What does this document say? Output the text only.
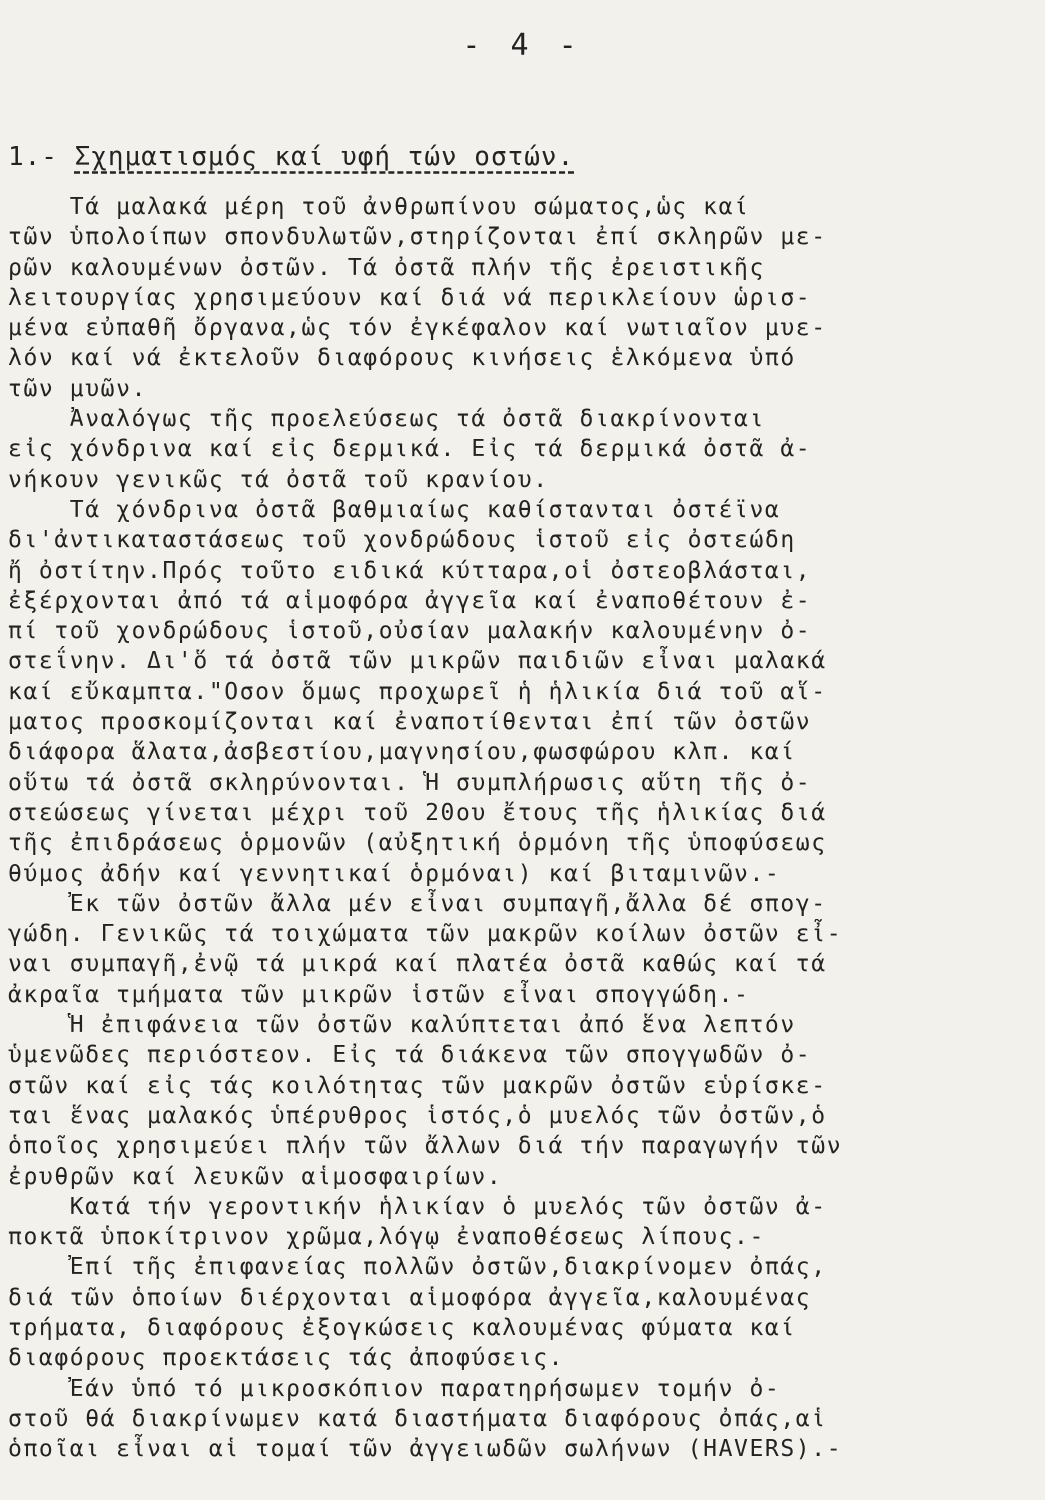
- 4 -
1.- Σχηματισμός καί υφή τών οστών.
Τά μαλακά μέρη τοῦ ἀνθρωπίνου σώματος,ὡς καί
τῶν ὑπολοίπων σπονδυλωτῶν,στηρίζονται ἐπί σκληρῶν με-
ρῶν καλουμένων ὀστῶν. Τά ὀστᾶ πλήν τῆς ἐρειστικῆς
λειτουργίας χρησιμεύουν καί διά νά περικλείουν ὡρισ-
μένα εὐπαθῆ ὄργανα,ὡς τόν ἐγκέφαλον καί νωτιαῖον μυε-
λόν καί νά ἐκτελοῦν διαφόρους κινήσεις ἑλκόμενα ὑπό
τῶν μυῶν.
Ἀναλόγως τῆς προελεύσεως τά ὀστᾶ διακρίνονται
εἰς χόνδρινα καί εἰς δερμικά. Εἰς τά δερμικά ὀστᾶ ἀ-
νήκουν γενικῶς τά ὀστᾶ τοῦ κρανίου.
Τά χόνδρινα ὀστᾶ βαθμιαίως καθίστανται ὀστέϊνα
δι'ἀντικαταστάσεως τοῦ χονδρώδους ἱστοῦ εἰς ὀστεώδη
ἤ ὀστίτην.Πρός τοῦτο ειδικά κύτταρα,οἱ ὀστεοβλάσται,
ἐξέρχονται ἀπό τά αἱμοφόρα ἀγγεῖα καί ἐναποθέτουν ἐ-
πί τοῦ χονδρώδους ἱστοῦ,οὐσίαν μαλακήν καλουμένην ὀ-
στεΐνην. Δι'ὅ τά ὀστᾶ τῶν μικρῶν παιδιῶν εἶναι μαλακά
καί εὔκαμπτα."Οσον ὅμως προχωρεῖ ἡ ἡλικία διά τοῦ αἵ-
ματος προσκομίζονται καί ἐναποτίθενται ἐπί τῶν ὀστῶν
διάφορα ἅλατα,ἀσβεστίου,μαγνησίου,φωσφώρου κλπ. καί
οὕτω τά ὀστᾶ σκληρύνονται. Ἡ συμπλήρωσις αὕτη τῆς ὀ-
στεώσεως γίνεται μέχρι τοῦ 20ου ἔτους τῆς ἡλικίας διά
τῆς ἐπιδράσεως ὁρμονῶν (αὐξητική ὁρμόνη τῆς ὑποφύσεως
θύμος ἀδήν καί γεννητικαί ὁρμόναι) καί βιταμινῶν.-
Ἐκ τῶν ὀστῶν ἄλλα μέν εἶναι συμπαγῆ,ἄλλα δέ σπογ-
γώδη. Γενικῶς τά τοιχώματα τῶν μακρῶν κοίλων ὀστῶν εἶ-
ναι συμπαγῆ,ἐνῷ τά μικρά καί πλατέα ὀστᾶ καθώς καί τά
ἀκραῖα τμήματα τῶν μικρῶν ἱστῶν εἶναι σπογγώδη.-
Ἡ ἐπιφάνεια τῶν ὀστῶν καλύπτεται ἀπό ἕνα λεπτόν
ὑμενῶδες περιόστεον. Εἰς τά διάκενα τῶν σπογγωδῶν ὀ-
στῶν καί εἰς τάς κοιλότητας τῶν μακρῶν ὀστῶν εὑρίσκε-
ται ἕνας μαλακός ὑπέρυθρος ἱστός,ὁ μυελός τῶν ὀστῶν,ὁ
ὁποῖος χρησιμεύει πλήν τῶν ἄλλων διά τήν παραγωγήν τῶν
ἐρυθρῶν καί λευκῶν αἱμοσφαιρίων.
Κατά τήν γεροντικήν ἡλικίαν ὁ μυελός τῶν ὀστῶν ἀ-
ποκτᾶ ὑποκίτρινον χρῶμα,λόγῳ ἐναποθέσεως λίπους.-
Ἐπί τῆς ἐπιφανείας πολλῶν ὀστῶν,διακρίνομεν ὀπάς,
διά τῶν ὁποίων διέρχονται αἱμοφόρα ἀγγεῖα,καλουμένας
τρήματα, διαφόρους ἐξογκώσεις καλουμένας φύματα καί
διαφόρους προεκτάσεις τάς ἀποφύσεις.
Ἐάν ὑπό τό μικροσκόπιον παρατηρήσωμεν τομήν ὀ-
στοῦ θά διακρίνωμεν κατά διαστήματα διαφόρους ὀπάς,αἱ
ὁποῖαι εἶναι αἱ τομαί τῶν ἀγγειωδῶν σωλήνων (HAVERS).-
